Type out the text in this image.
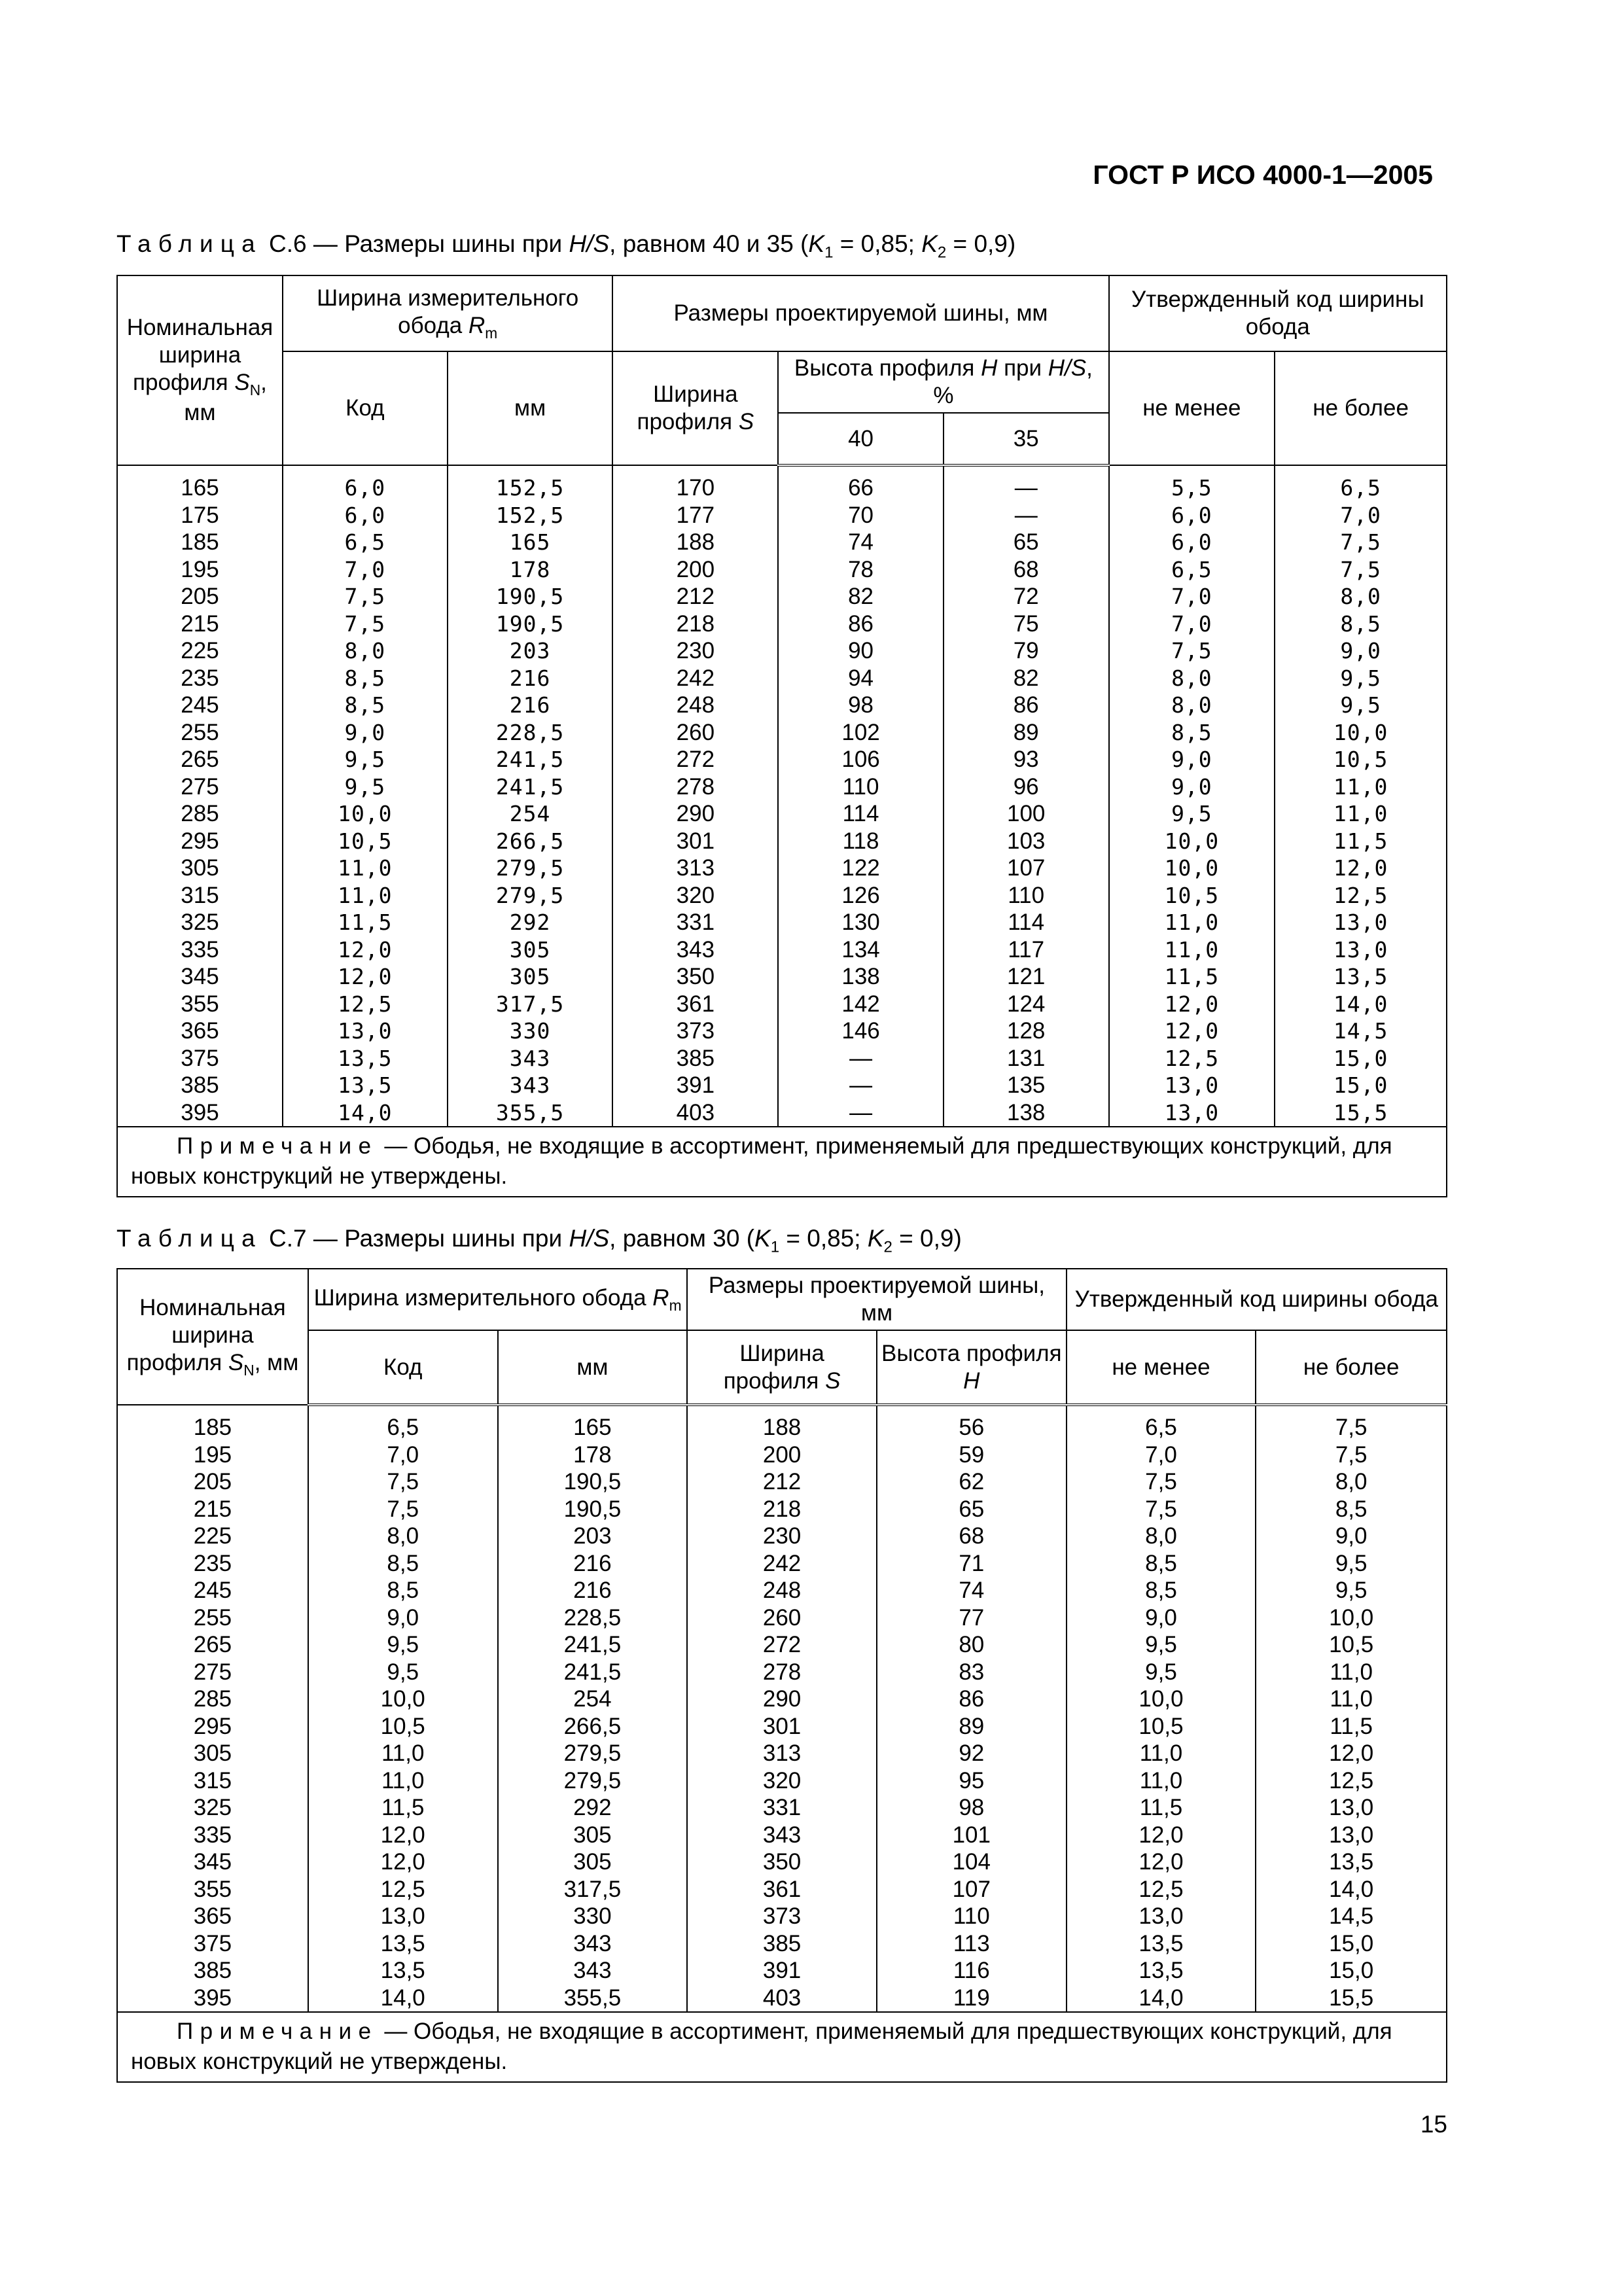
ГОСТ Р ИСО 4000-1—2005
Таблица С.6 — Размеры шины при H/S, равном 40 и 35 ($K_1 = 0,85$; $K_2 = 0,9$)
Номинальная ширина профиля $S_N$, мм	Ширина измерительного обода $R_m$		Размеры проектируемой шины, мм			Утвержденный код ширины обода	
	Код	мм	Ширина профиля S	Высота профиля H при H/S, %		не менее	не более
				40	35		
165	6,0	152,5	170	66	—	5,5	6,5
175	6,0	152,5	177	70	—	6,0	7,0
185	6,5	165	188	74	65	6,0	7,5
195	7,0	178	200	78	68	6,5	7,5
205	7,5	190,5	212	82	72	7,0	8,0
215	7,5	190,5	218	86	75	7,0	8,5
225	8,0	203	230	90	79	7,5	9,0
235	8,5	216	242	94	82	8,0	9,5
245	8,5	216	248	98	86	8,0	9,5
255	9,0	228,5	260	102	89	8,5	10,0
265	9,5	241,5	272	106	93	9,0	10,5
275	9,5	241,5	278	110	96	9,0	11,0
285	10,0	254	290	114	100	9,5	11,0
295	10,5	266,5	301	118	103	10,0	11,5
305	11,0	279,5	313	122	107	10,0	12,0
315	11,0	279,5	320	126	110	10,5	12,5
325	11,5	292	331	130	114	11,0	13,0
335	12,0	305	343	134	117	11,0	13,0
345	12,0	305	350	138	121	11,5	13,5
355	12,5	317,5	361	142	124	12,0	14,0
365	13,0	330	373	146	128	12,0	14,5
375	13,5	343	385	—	131	12,5	15,0
385	13,5	343	391	—	135	13,0	15,0
395	14,0	355,5	403	—	138	13,0	15,5
Примечание — Ободья, не входящие в ассортимент, применяемый для предшествующих конструкций, для новых конструкций не утверждены.							
Таблица С.7 — Размеры шины при H/S, равном 30 ($K_1 = 0,85$; $K_2 = 0,9$)
Номинальная ширина профиля $S_N$, мм	Ширина измерительного обода $R_m$		Размеры проектируемой шины, мм		Утвержденный код ширины обода	
	Код	мм	Ширина профиля S	Высота профиля H	не менее	не более
185	6,5	165	188	56	6,5	7,5
195	7,0	178	200	59	7,0	7,5
205	7,5	190,5	212	62	7,5	8,0
215	7,5	190,5	218	65	7,5	8,5
225	8,0	203	230	68	8,0	9,0
235	8,5	216	242	71	8,5	9,5
245	8,5	216	248	74	8,5	9,5
255	9,0	228,5	260	77	9,0	10,0
265	9,5	241,5	272	80	9,5	10,5
275	9,5	241,5	278	83	9,5	11,0
285	10,0	254	290	86	10,0	11,0
295	10,5	266,5	301	89	10,5	11,5
305	11,0	279,5	313	92	11,0	12,0
315	11,0	279,5	320	95	11,0	12,5
325	11,5	292	331	98	11,5	13,0
335	12,0	305	343	101	12,0	13,0
345	12,0	305	350	104	12,0	13,5
355	12,5	317,5	361	107	12,5	14,0
365	13,0	330	373	110	13,0	14,5
375	13,5	343	385	113	13,5	15,0
385	13,5	343	391	116	13,5	15,0
395	14,0	355,5	403	119	14,0	15,5
Примечание — Ободья, не входящие в ассортимент, применяемый для предшествующих конструкций, для новых конструкций не утверждены.						
15
